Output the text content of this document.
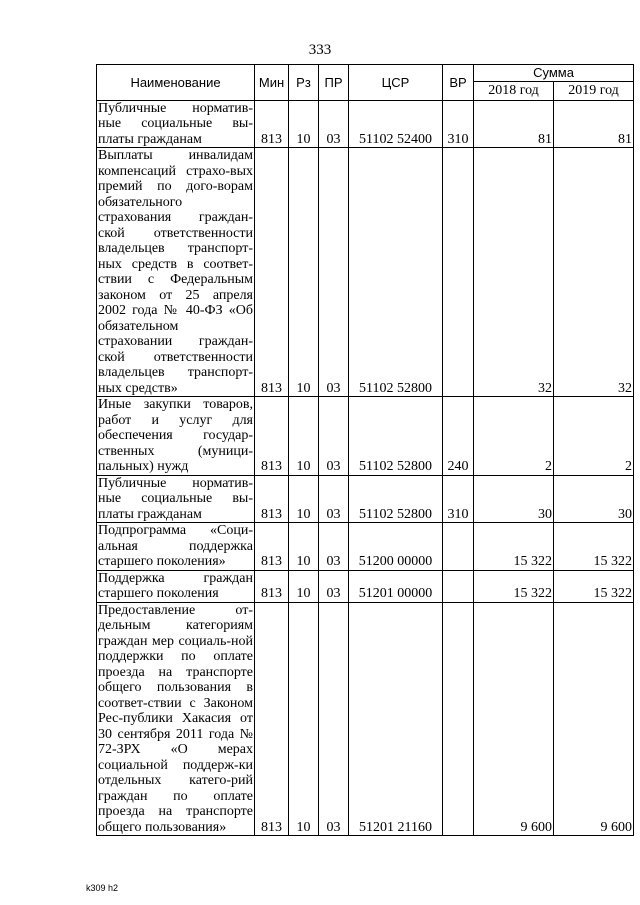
333
Наименование	Мин	Рз	ПР	ЦСР	ВР	Сумма	
						2018 год	2019 год
Публичные норматив-ные социальные вы-платы гражданам	813	10	03	51102 52400	310	81	81
Выплаты инвалидам компенсаций страхо-вых премий по дого-ворам обязательного страхования граждан-ской ответственности владельцев транспорт-ных средств в соответ-ствии с Федеральным законом от 25 апреля 2002 года № 40-ФЗ «Об обязательном страховании граждан-ской ответственности владельцев транспорт-ных средств»	813	10	03	51102 52800		32	32
Иные закупки товаров, работ и услуг для обеспечения государ-ственных (муници-пальных) нужд	813	10	03	51102 52800	240	2	2
Публичные норматив-ные социальные вы-платы гражданам	813	10	03	51102 52800	310	30	30
Подпрограмма «Соци-альная поддержка старшего поколения»	813	10	03	51200 00000		15 322	15 322
Поддержка граждан старшего поколения	813	10	03	51201 00000		15 322	15 322
Предоставление от-дельным категориям граждан мер социаль-ной поддержки по оплате проезда на транспорте общего пользования в соответ-ствии с Законом Рес-публики Хакасия от 30 сентября 2011 года № 72-ЗРХ «О мерах социальной поддерж-ки отдельных катего-рий граждан по оплате проезда на транспорте общего пользования»	813	10	03	51201 21160		9 600	9 600
k309 h2
